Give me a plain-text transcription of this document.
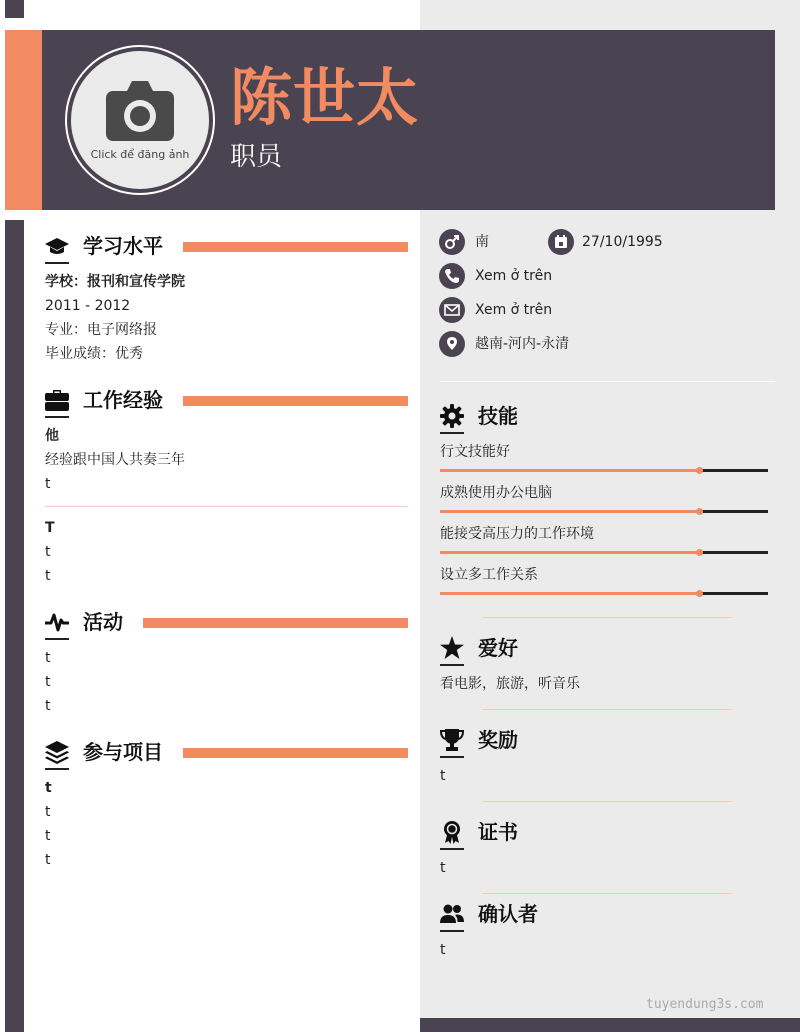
Click để đăng ảnh
陈世太
职员
学习水平
学校：报刊和宣传学院
2011 - 2012
专业：电子网络报
毕业成绩：优秀
工作经验
他
经验跟中国人共奏三年
t
T
t
t
活动
t
t
t
参与项目
t
t
t
t
南	27/10/1995
Xem ở trên
Xem ở trên
越南-河内-永清
技能
行文技能好
成熟使用办公电脑
能接受高压力的工作环境
设立多工作关系
爱好
看电影，旅游，听音乐
奖励
t
证书
t
确认者
t
tuyendung3s.com
